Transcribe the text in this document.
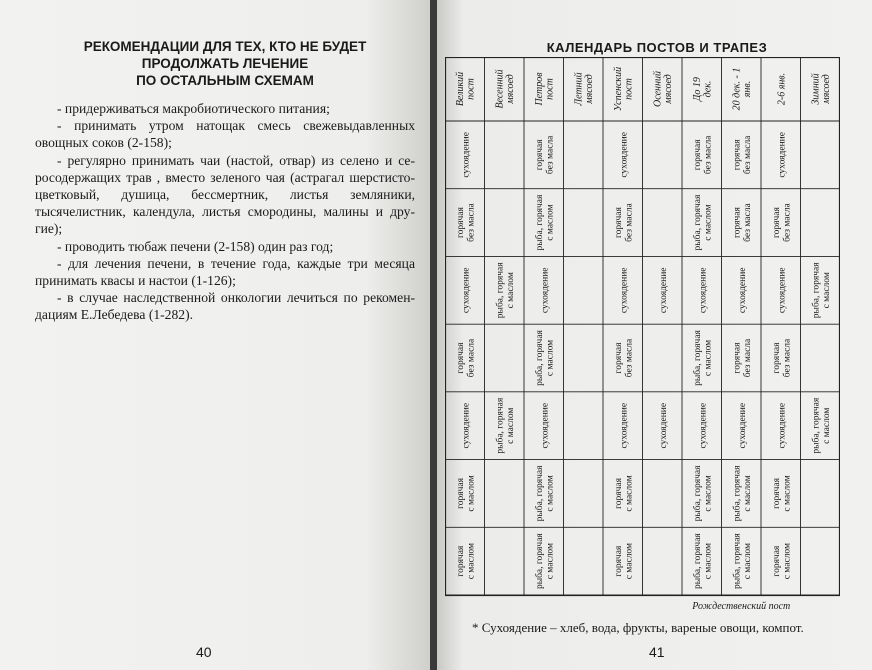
РЕКОМЕНДАЦИИ ДЛЯ ТЕХ, КТО НЕ БУДЕТ
ПРОДОЛЖАТЬ ЛЕЧЕНИЕ
ПО ОСТАЛЬНЫМ СХЕМАМ

- придерживаться макробиотического питания;

- принимать утром натощак смесь свежевыдавленных овощных соков (2-158);

- регулярно принимать чаи (настой, отвар) из селено и се-росодержащих трав , вместо зеленого чая (астрагал шерстисто-цветковый, душица, бессмертник, листья земляники, тысячелистник, календула, листья смородины, малины и дру-гие);

- проводить тюбаж печени (2-158) один раз год;

- для лечения печени, в течение года, каждые три месяца принимать квасы и настои (1-126);

- в случае наследственной онкологии лечиться по рекомен-дациям Е.Лебедева (1-282).

40
КАЛЕНДАРЬ ПОСТОВ И ТРАПЕЗ
Великий пост
сухоядение
горячая без масла
сухоядение
горячая без масла
сухоядение
горячая с маслом
горячая с маслом
Весенний мясоед
рыба, горячая с маслом
рыба, горячая с маслом
Петров пост
горячая без масла
рыба, горячая с маслом
сухоядение
рыба, горячая с маслом
сухоядение
рыба, горячая с маслом
рыба, горячая с маслом
Летний мясоед Успенский пост
сухоядение
горячая без масла
сухоядение
горячая без масла
сухоядение
горячая с маслом
горячая с маслом
Осенний мясоед
сухоядение
сухоядение
До 19 дек.
горячая без масла
рыба, горячая с маслом
сухоядение
рыба, горячая с маслом
сухоядение
рыба, горячая с маслом
рыба, горячая с маслом
20 дек. - 1 янв.
горячая без масла
горячая без масла
сухоядение
горячая без масла
сухоядение
рыба, горячая с маслом
рыба, горячая с маслом
2-6 янв.
сухоядение
горячая без масла
сухоядение
горячая без масла
сухоядение
горячая с маслом
горячая с маслом
Зимний мясоед
рыба, горячая с маслом
рыба, горячая с маслом
Рождественский пост
* Сухоядение – хлеб, вода, фрукты, вареные овощи, компот.
41
